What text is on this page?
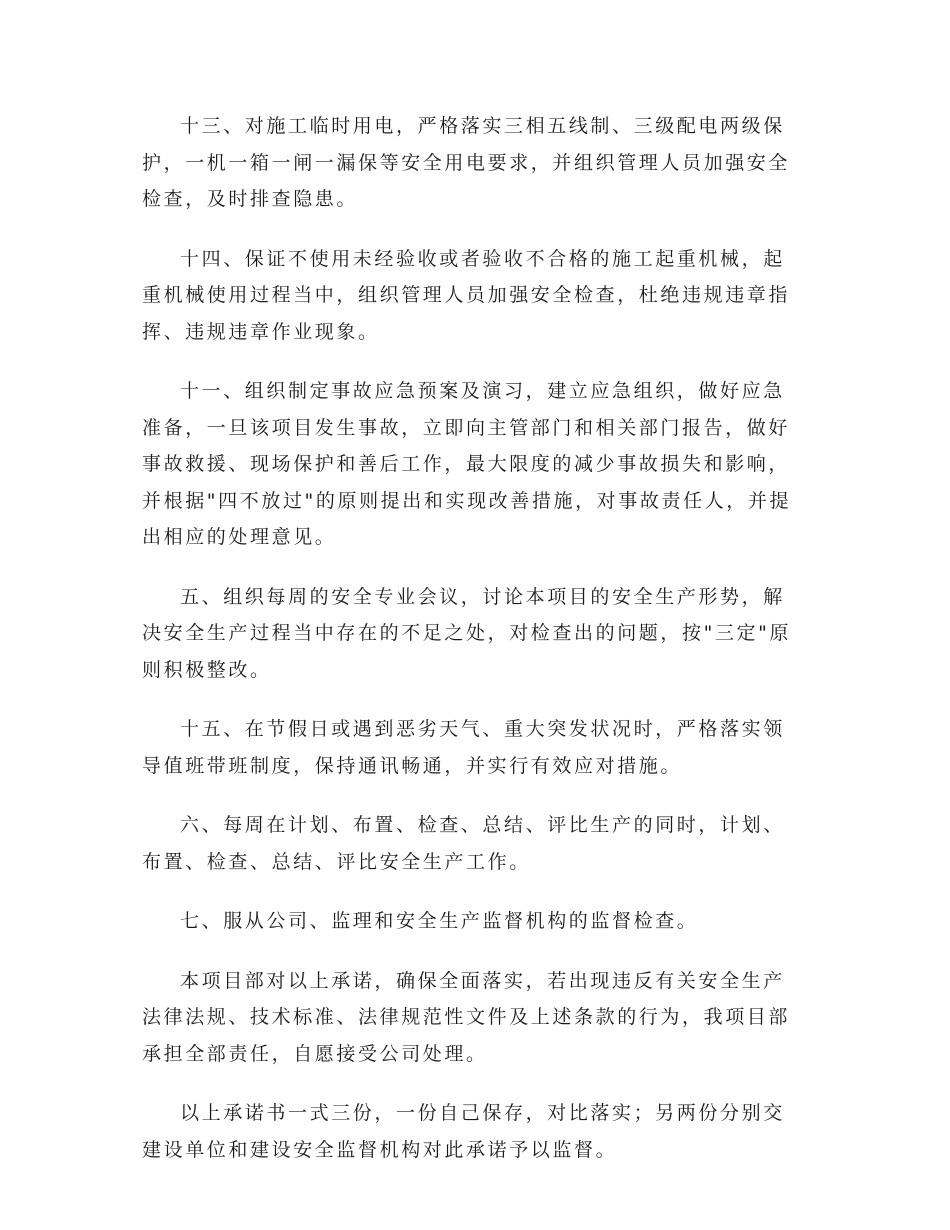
十三、对施工临时用电，严格落实三相五线制、三级配电两级保
护，一机一箱一闸一漏保等安全用电要求，并组织管理人员加强安全
检查，及时排查隐患。

十四、保证不使用未经验收或者验收不合格的施工起重机械，起
重机械使用过程当中，组织管理人员加强安全检查，杜绝违规违章指
挥、违规违章作业现象。

十一、组织制定事故应急预案及演习，建立应急组织，做好应急
准备，一旦该项目发生事故，立即向主管部门和相关部门报告，做好
事故救援、现场保护和善后工作，最大限度的减少事故损失和影响，
并根据"四不放过"的原则提出和实现改善措施，对事故责任人，并提
出相应的处理意见。

五、组织每周的安全专业会议，讨论本项目的安全生产形势，解
决安全生产过程当中存在的不足之处，对检查出的问题，按"三定"原
则积极整改。

十五、在节假日或遇到恶劣天气、重大突发状况时，严格落实领
导值班带班制度，保持通讯畅通，并实行有效应对措施。

六、每周在计划、布置、检查、总结、评比生产的同时，计划、
布置、检查、总结、评比安全生产工作。

七、服从公司、监理和安全生产监督机构的监督检查。

本项目部对以上承诺，确保全面落实，若出现违反有关安全生产
法律法规、技术标准、法律规范性文件及上述条款的行为，我项目部
承担全部责任，自愿接受公司处理。

以上承诺书一式三份，一份自己保存，对比落实；另两份分别交
建设单位和建设安全监督机构对此承诺予以监督。
